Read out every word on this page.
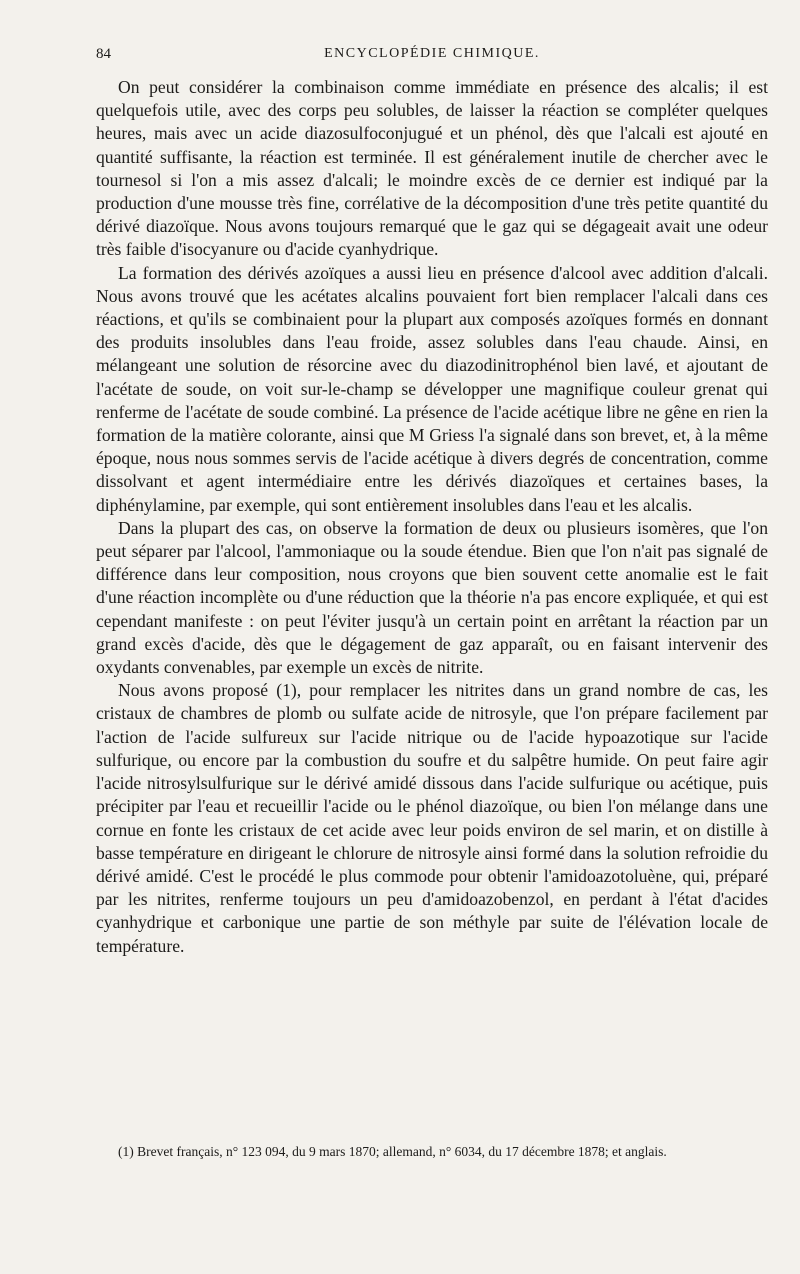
84	ENCYCLOPÉDIE CHIMIQUE.

On peut considérer la combinaison comme immédiate en présence des alcalis; il est quelquefois utile, avec des corps peu solubles, de laisser la réaction se compléter quelques heures, mais avec un acide diazosulfoconjugué et un phénol, dès que l'alcali est ajouté en quantité suffisante, la réaction est terminée. Il est généralement inutile de chercher avec le tournesol si l'on a mis assez d'alcali; le moindre excès de ce dernier est indiqué par la production d'une mousse très fine, corrélative de la décomposition d'une très petite quantité du dérivé diazoïque. Nous avons toujours remarqué que le gaz qui se dégageait avait une odeur très faible d'isocyanure ou d'acide cyanhydrique.

La formation des dérivés azoïques a aussi lieu en présence d'alcool avec addition d'alcali. Nous avons trouvé que les acétates alcalins pouvaient fort bien remplacer l'alcali dans ces réactions, et qu'ils se combinaient pour la plupart aux composés azoïques formés en donnant des produits insolubles dans l'eau froide, assez solubles dans l'eau chaude. Ainsi, en mélangeant une solution de résorcine avec du diazodinitrophénol bien lavé, et ajoutant de l'acétate de soude, on voit sur-le-champ se développer une magnifique couleur grenat qui renferme de l'acétate de soude combiné. La présence de l'acide acétique libre ne gêne en rien la formation de la matière colorante, ainsi que M Griess l'a signalé dans son brevet, et, à la même époque, nous nous sommes servis de l'acide acétique à divers degrés de concentration, comme dissolvant et agent intermédiaire entre les dérivés diazoïques et certaines bases, la diphénylamine, par exemple, qui sont entièrement insolubles dans l'eau et les alcalis.

Dans la plupart des cas, on observe la formation de deux ou plusieurs isomères, que l'on peut séparer par l'alcool, l'ammoniaque ou la soude étendue. Bien que l'on n'ait pas signalé de différence dans leur composition, nous croyons que bien souvent cette anomalie est le fait d'une réaction incomplète ou d'une réduction que la théorie n'a pas encore expliquée, et qui est cependant manifeste : on peut l'éviter jusqu'à un certain point en arrêtant la réaction par un grand excès d'acide, dès que le dégagement de gaz apparaît, ou en faisant intervenir des oxydants convenables, par exemple un excès de nitrite.

Nous avons proposé (1), pour remplacer les nitrites dans un grand nombre de cas, les cristaux de chambres de plomb ou sulfate acide de nitrosyle, que l'on prépare facilement par l'action de l'acide sulfureux sur l'acide nitrique ou de l'acide hypoazotique sur l'acide sulfurique, ou encore par la combustion du soufre et du salpêtre humide. On peut faire agir l'acide nitrosylsulfurique sur le dérivé amidé dissous dans l'acide sulfurique ou acétique, puis précipiter par l'eau et recueillir l'acide ou le phénol diazoïque, ou bien l'on mélange dans une cornue en fonte les cristaux de cet acide avec leur poids environ de sel marin, et on distille à basse température en dirigeant le chlorure de nitrosyle ainsi formé dans la solution refroidie du dérivé amidé. C'est le procédé le plus commode pour obtenir l'amidoazotoluène, qui, préparé par les nitrites, renferme toujours un peu d'amidoazobenzol, en perdant à l'état d'acides cyanhydrique et carbonique une partie de son méthyle par suite de l'élévation locale de température.

(1) Brevet français, n° 123 094, du 9 mars 1870; allemand, n° 6034, du 17 décembre 1878; et anglais.
